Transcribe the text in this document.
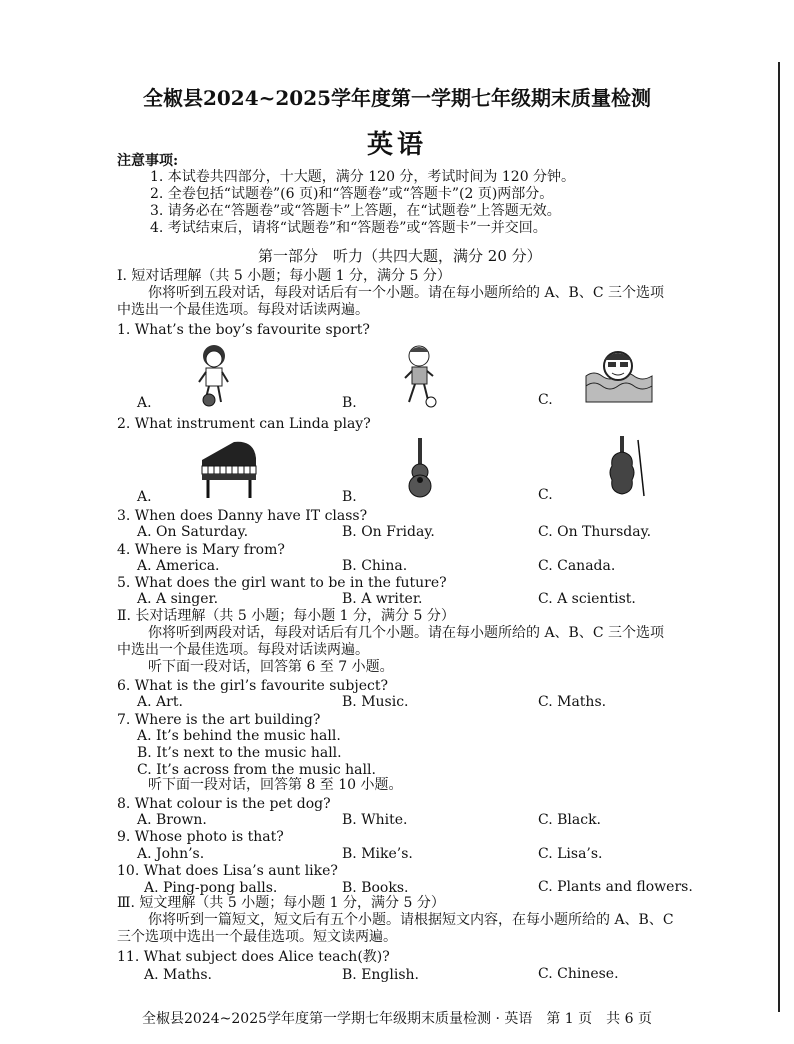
全椒县2024~2025学年度第一学期七年级期末质量检测
英语
注意事项:
1. 本试卷共四部分，十大题，满分 120 分，考试时间为 120 分钟。
2. 全卷包括“试题卷”(6 页)和“答题卷”或“答题卡”(2 页)两部分。
3. 请务必在“答题卷”或“答题卡”上答题，在“试题卷”上答题无效。
4. 考试结束后，请将“试题卷”和“答题卷”或“答题卡”一并交回。
第一部分　听力（共四大题，满分 20 分）
Ⅰ. 短对话理解（共 5 小题；每小题 1 分，满分 5 分）
你将听到五段对话，每段对话后有一个小题。请在每小题所给的 A、B、C 三个选项
中选出一个最佳选项。每段对话读两遍。
1. What’s the boy’s favourite sport?
A.	B.	C.
2. What instrument can Linda play?
A.	B.	C.
3. When does Danny have IT class?
A. On Saturday.	B. On Friday.	C. On Thursday.
4. Where is Mary from?
A. America.	B. China.	C. Canada.
5. What does the girl want to be in the future?
A. A singer.	B. A writer.	C. A scientist.
Ⅱ. 长对话理解（共 5 小题；每小题 1 分，满分 5 分）
你将听到两段对话，每段对话后有几个小题。请在每小题所给的 A、B、C 三个选项
中选出一个最佳选项。每段对话读两遍。
听下面一段对话，回答第 6 至 7 小题。
6. What is the girl’s favourite subject?
A. Art.	B. Music.	C. Maths.
7. Where is the art building?
A. It’s behind the music hall.
B. It’s next to the music hall.
C. It’s across from the music hall.
听下面一段对话，回答第 8 至 10 小题。
8. What colour is the pet dog?
A. Brown.	B. White.	C. Black.
9. Whose photo is that?
A. John’s.	B. Mike’s.	C. Lisa’s.
10. What does Lisa’s aunt like?
A. Ping-pong balls.	B. Books.	C. Plants and flowers.
Ⅲ. 短文理解（共 5 小题；每小题 1 分，满分 5 分）
你将听到一篇短文，短文后有五个小题。请根据短文内容，在每小题所给的 A、B、C
三个选项中选出一个最佳选项。短文读两遍。
11. What subject does Alice teach(教)?
A. Maths.	B. English.	C. Chinese.
全椒县2024~2025学年度第一学期七年级期末质量检测 · 英语　第 1 页　共 6 页
